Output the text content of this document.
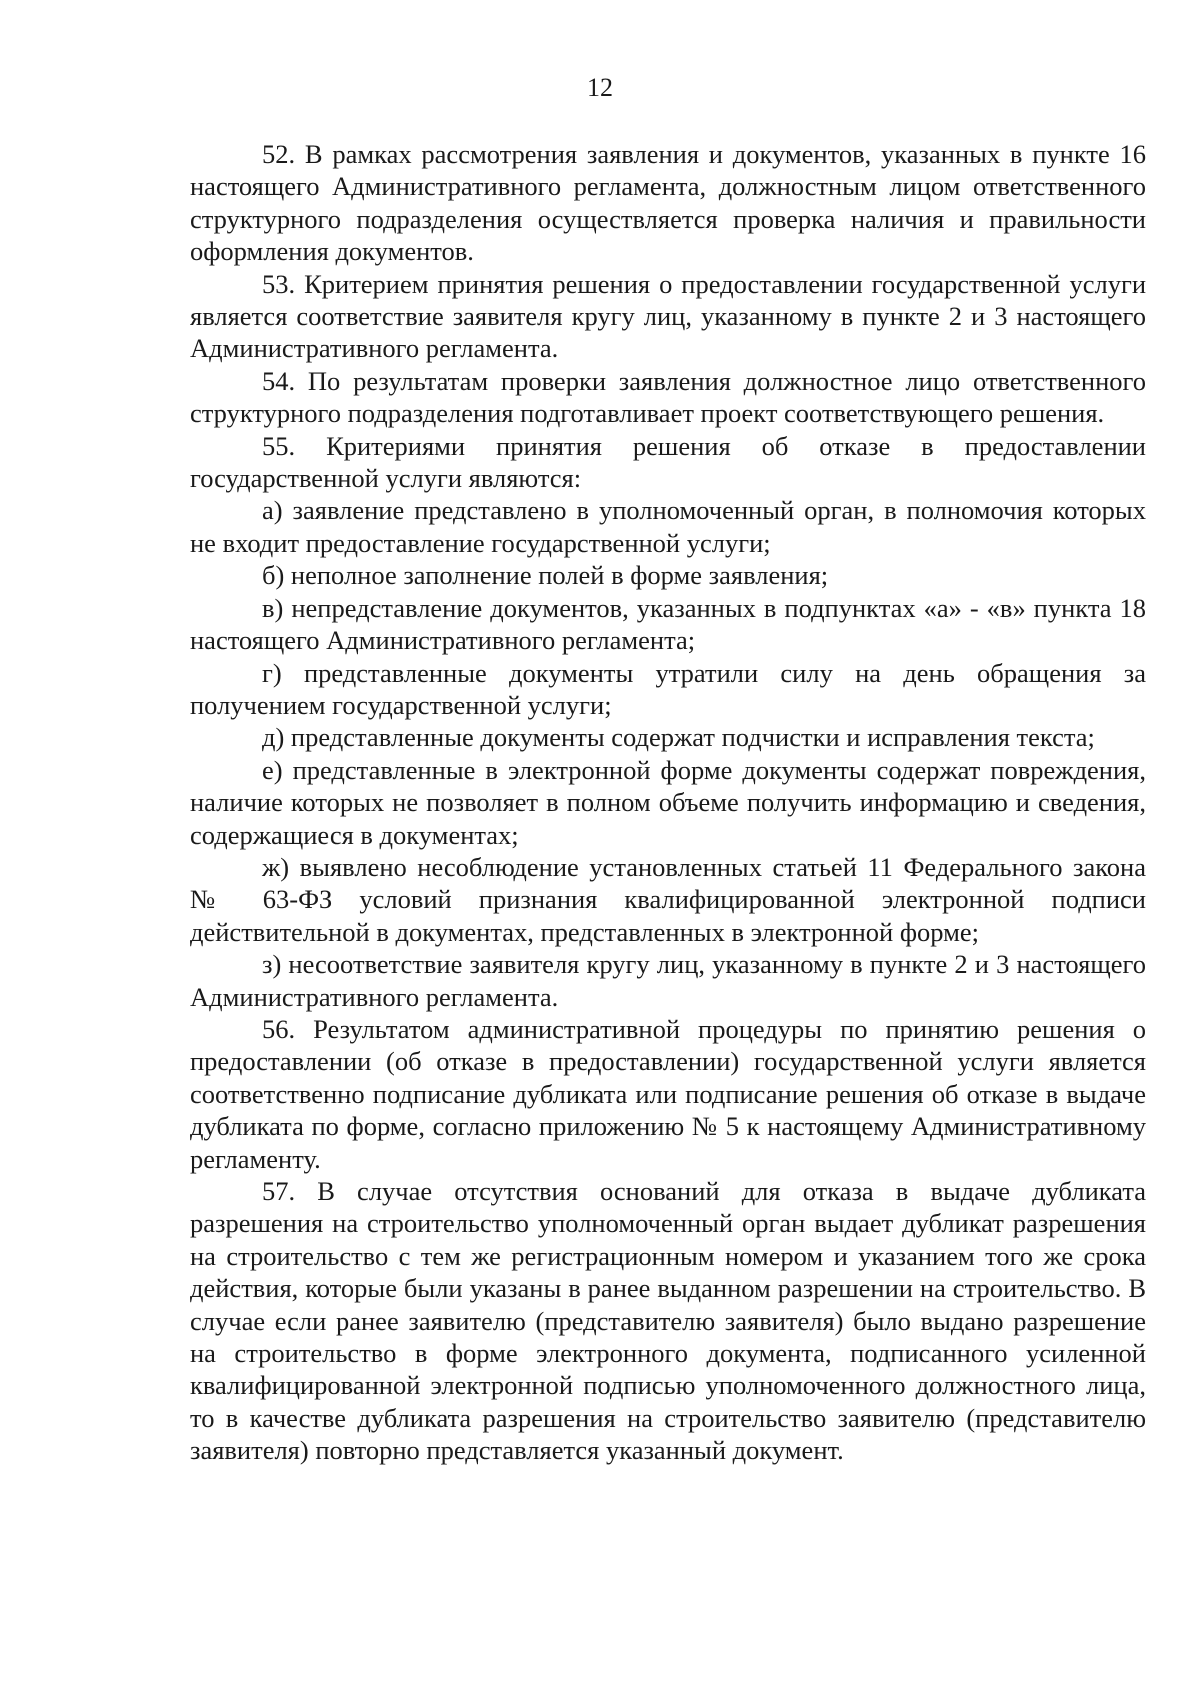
12

52. В рамках рассмотрения заявления и документов, указанных в пункте 16 настоящего Административного регламента, должностным лицом ответственного структурного подразделения осуществляется проверка наличия и правильности оформления документов.

53. Критерием принятия решения о предоставлении государственной услуги является соответствие заявителя кругу лиц, указанному в пункте 2 и 3 настоящего Административного регламента.

54. По результатам проверки заявления должностное лицо ответственного структурного подразделения подготавливает проект соответствующего решения.

55. Критериями принятия решения об отказе в предоставлении государственной услуги являются:

а) заявление представлено в уполномоченный орган, в полномочия которых не входит предоставление государственной услуги;

б) неполное заполнение полей в форме заявления;

в) непредставление документов, указанных в подпунктах «а» - «в» пункта 18 настоящего Административного регламента;

г) представленные документы утратили силу на день обращения за получением государственной услуги;

д) представленные документы содержат подчистки и исправления текста;

е) представленные в электронной форме документы содержат повреждения, наличие которых не позволяет в полном объеме получить информацию и сведения, содержащиеся в документах;

ж) выявлено несоблюдение установленных статьей 11 Федерального закона № 63-ФЗ условий признания квалифицированной электронной подписи действительной в документах, представленных в электронной форме;

з) несоответствие заявителя кругу лиц, указанному в пункте 2 и 3 настоящего Административного регламента.

56. Результатом административной процедуры по принятию решения о предоставлении (об отказе в предоставлении) государственной услуги является соответственно подписание дубликата или подписание решения об отказе в выдаче дубликата по форме, согласно приложению № 5 к настоящему Административному регламенту.

57. В случае отсутствия оснований для отказа в выдаче дубликата разрешения на строительство уполномоченный орган выдает дубликат разрешения на строительство с тем же регистрационным номером и указанием того же срока действия, которые были указаны в ранее выданном разрешении на строительство. В случае если ранее заявителю (представителю заявителя) было выдано разрешение на строительство в форме электронного документа, подписанного усиленной квалифицированной электронной подписью уполномоченного должностного лица, то в качестве дубликата разрешения на строительство заявителю (представителю заявителя) повторно представляется указанный документ.
